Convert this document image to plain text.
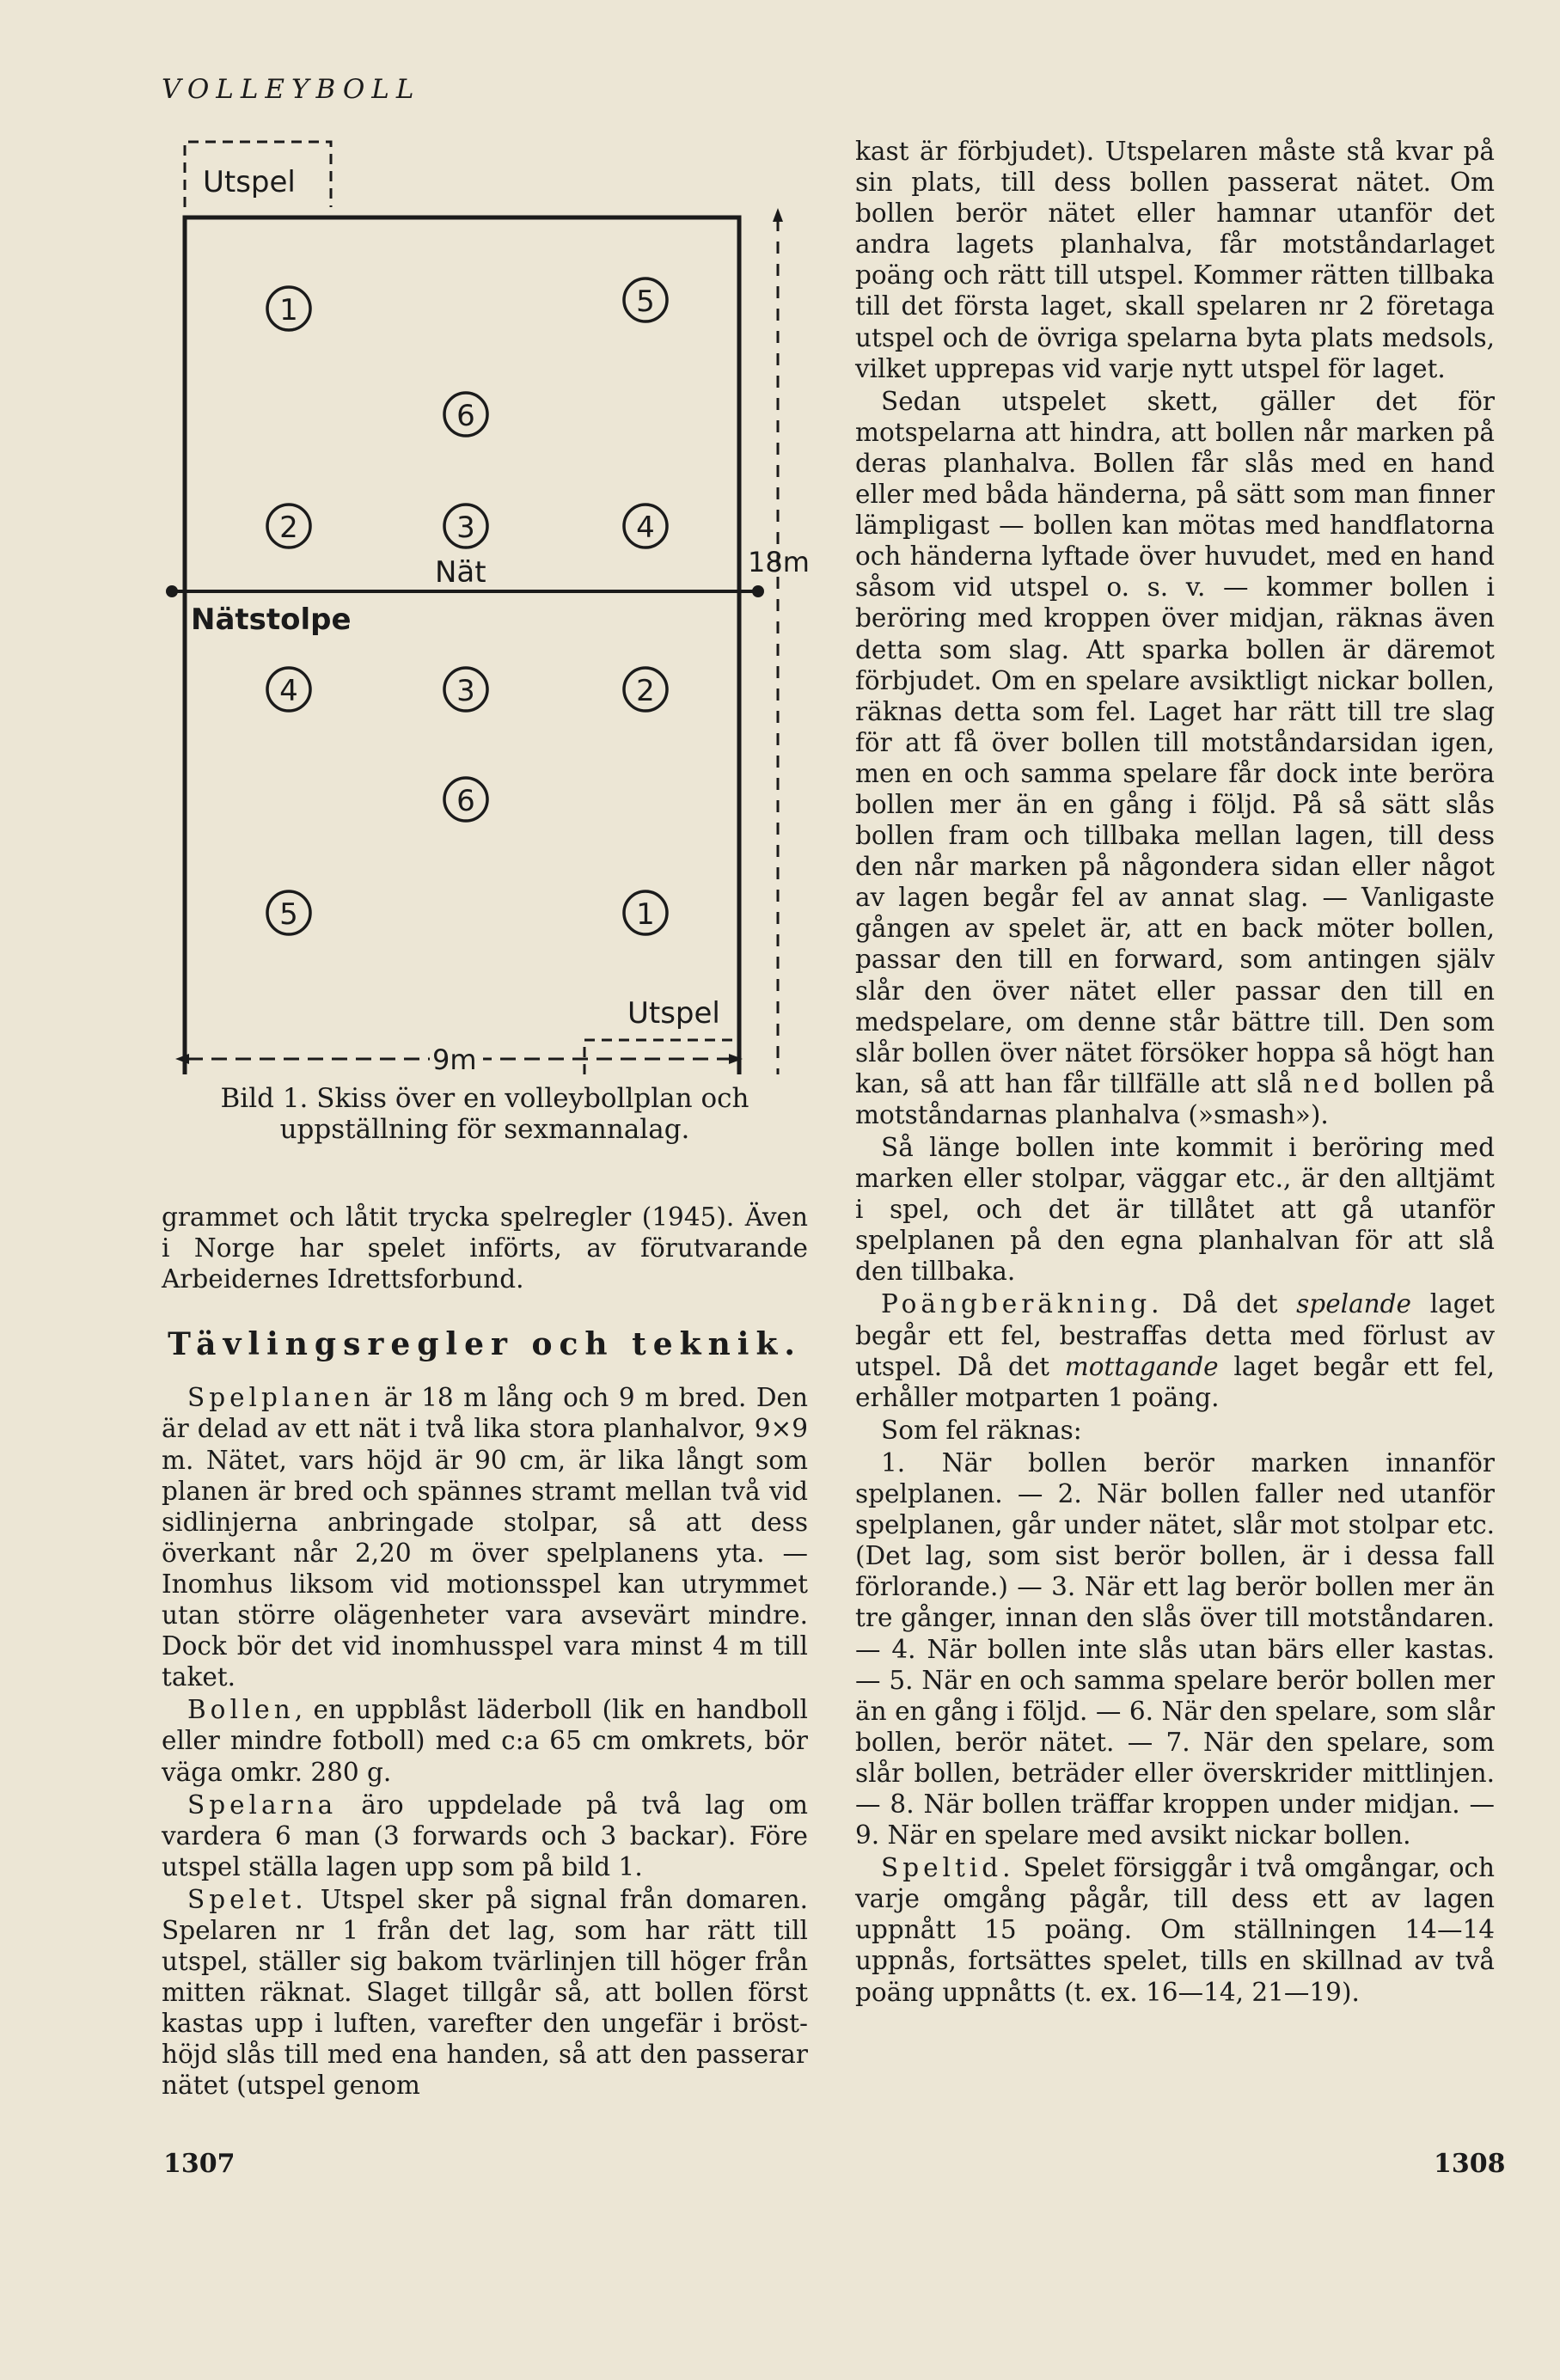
VOLLEYBOLL
Utspel
Nät
Nätstolpe
1	5
6
2	3	4
4	3	2
6
5	1
Utspel
18m
9m

Bild 1. Skiss över en volleybollplan och uppställning för sexmannalag.

grammet och låtit trycka spelregler (1945). Även i Norge har spelet införts, av förutvarande Arbeidernes Idrettsforbund.

Tävlingsregler och teknik.

Spelplanen är 18 m lång och 9 m bred. Den är delad av ett nät i två lika stora planhalvor, 9×9 m. Nätet, vars höjd är 90 cm, är lika långt som planen är bred och spännes stramt mellan två vid sidlinjerna anbringade stolpar, så att dess överkant når 2,20 m över spelplanens yta. — Inomhus liksom vid motionsspel kan utrymmet utan större olägenheter vara avsevärt mindre. Dock bör det vid inomhusspel vara minst 4 m till taket.

Bollen, en uppblåst läderboll (lik en handboll eller mindre fotboll) med c:a 65 cm omkrets, bör väga omkr. 280 g.

Spelarna äro uppdelade på två lag om vardera 6 man (3 forwards och 3 backar). Före utspel ställa lagen upp som på bild 1.

Spelet. Utspel sker på signal från domaren. Spelaren nr 1 från det lag, som har rätt till utspel, ställer sig bakom tvärlinjen till höger från mitten räknat. Slaget tillgår så, att bollen först kastas upp i luften, varefter den ungefär i brösthöjd slås till med ena handen, så att den passerar nätet (utspel genom

kast är förbjudet). Utspelaren måste stå kvar på sin plats, till dess bollen passerat nätet. Om bollen berör nätet eller hamnar utanför det andra lagets planhalva, får motståndarlaget poäng och rätt till utspel. Kommer rätten tillbaka till det första laget, skall spelaren nr 2 företaga utspel och de övriga spelarna byta plats medsols, vilket upprepas vid varje nytt utspel för laget.

Sedan utspelet skett, gäller det för motspelarna att hindra, att bollen når marken på deras planhalva. Bollen får slås med en hand eller med båda händerna, på sätt som man finner lämpligast — bollen kan mötas med handflatorna och händerna lyftade över huvudet, med en hand såsom vid utspel o. s. v. — kommer bollen i beröring med kroppen över midjan, räknas även detta som slag. Att sparka bollen är däremot förbjudet. Om en spelare avsiktligt nickar bollen, räknas detta som fel. Laget har rätt till tre slag för att få över bollen till motståndarsidan igen, men en och samma spelare får dock inte beröra bollen mer än en gång i följd. På så sätt slås bollen fram och tillbaka mellan lagen, till dess den når marken på någondera sidan eller något av lagen begår fel av annat slag. — Vanligaste gången av spelet är, att en back möter bollen, passar den till en forward, som antingen själv slår den över nätet eller passar den till en medspelare, om denne står bättre till. Den som slår bollen över nätet försöker hoppa så högt han kan, så att han får tillfälle att slå ned bollen på motståndarnas planhalva (»smash»).

Så länge bollen inte kommit i beröring med marken eller stolpar, väggar etc., är den alltjämt i spel, och det är tillåtet att gå utanför spelplanen på den egna planhalvan för att slå den tillbaka.

Poängberäkning. Då det spelande laget begår ett fel, bestraffas detta med förlust av utspel. Då det mottagande laget begår ett fel, erhåller motparten 1 poäng.

Som fel räknas:

1. När bollen berör marken innanför spelplanen. — 2. När bollen faller ned utanför spelplanen, går under nätet, slår mot stolpar etc. (Det lag, som sist berör bollen, är i dessa fall förlorande.) — 3. När ett lag berör bollen mer än tre gånger, innan den slås över till motståndaren. — 4. När bollen inte slås utan bärs eller kastas. — 5. När en och samma spelare berör bollen mer än en gång i följd. — 6. När den spelare, som slår bollen, berör nätet. — 7. När den spelare, som slår bollen, beträder eller överskrider mittlinjen. — 8. När bollen träffar kroppen under midjan. — 9. När en spelare med avsikt nickar bollen.

Speltid. Spelet försiggår i två omgångar, och varje omgång pågår, till dess ett av lagen uppnått 15 poäng. Om ställningen 14—14 uppnås, fortsättes spelet, tills en skillnad av två poäng uppnåtts (t. ex. 16—14, 21—19).

1307	1308
